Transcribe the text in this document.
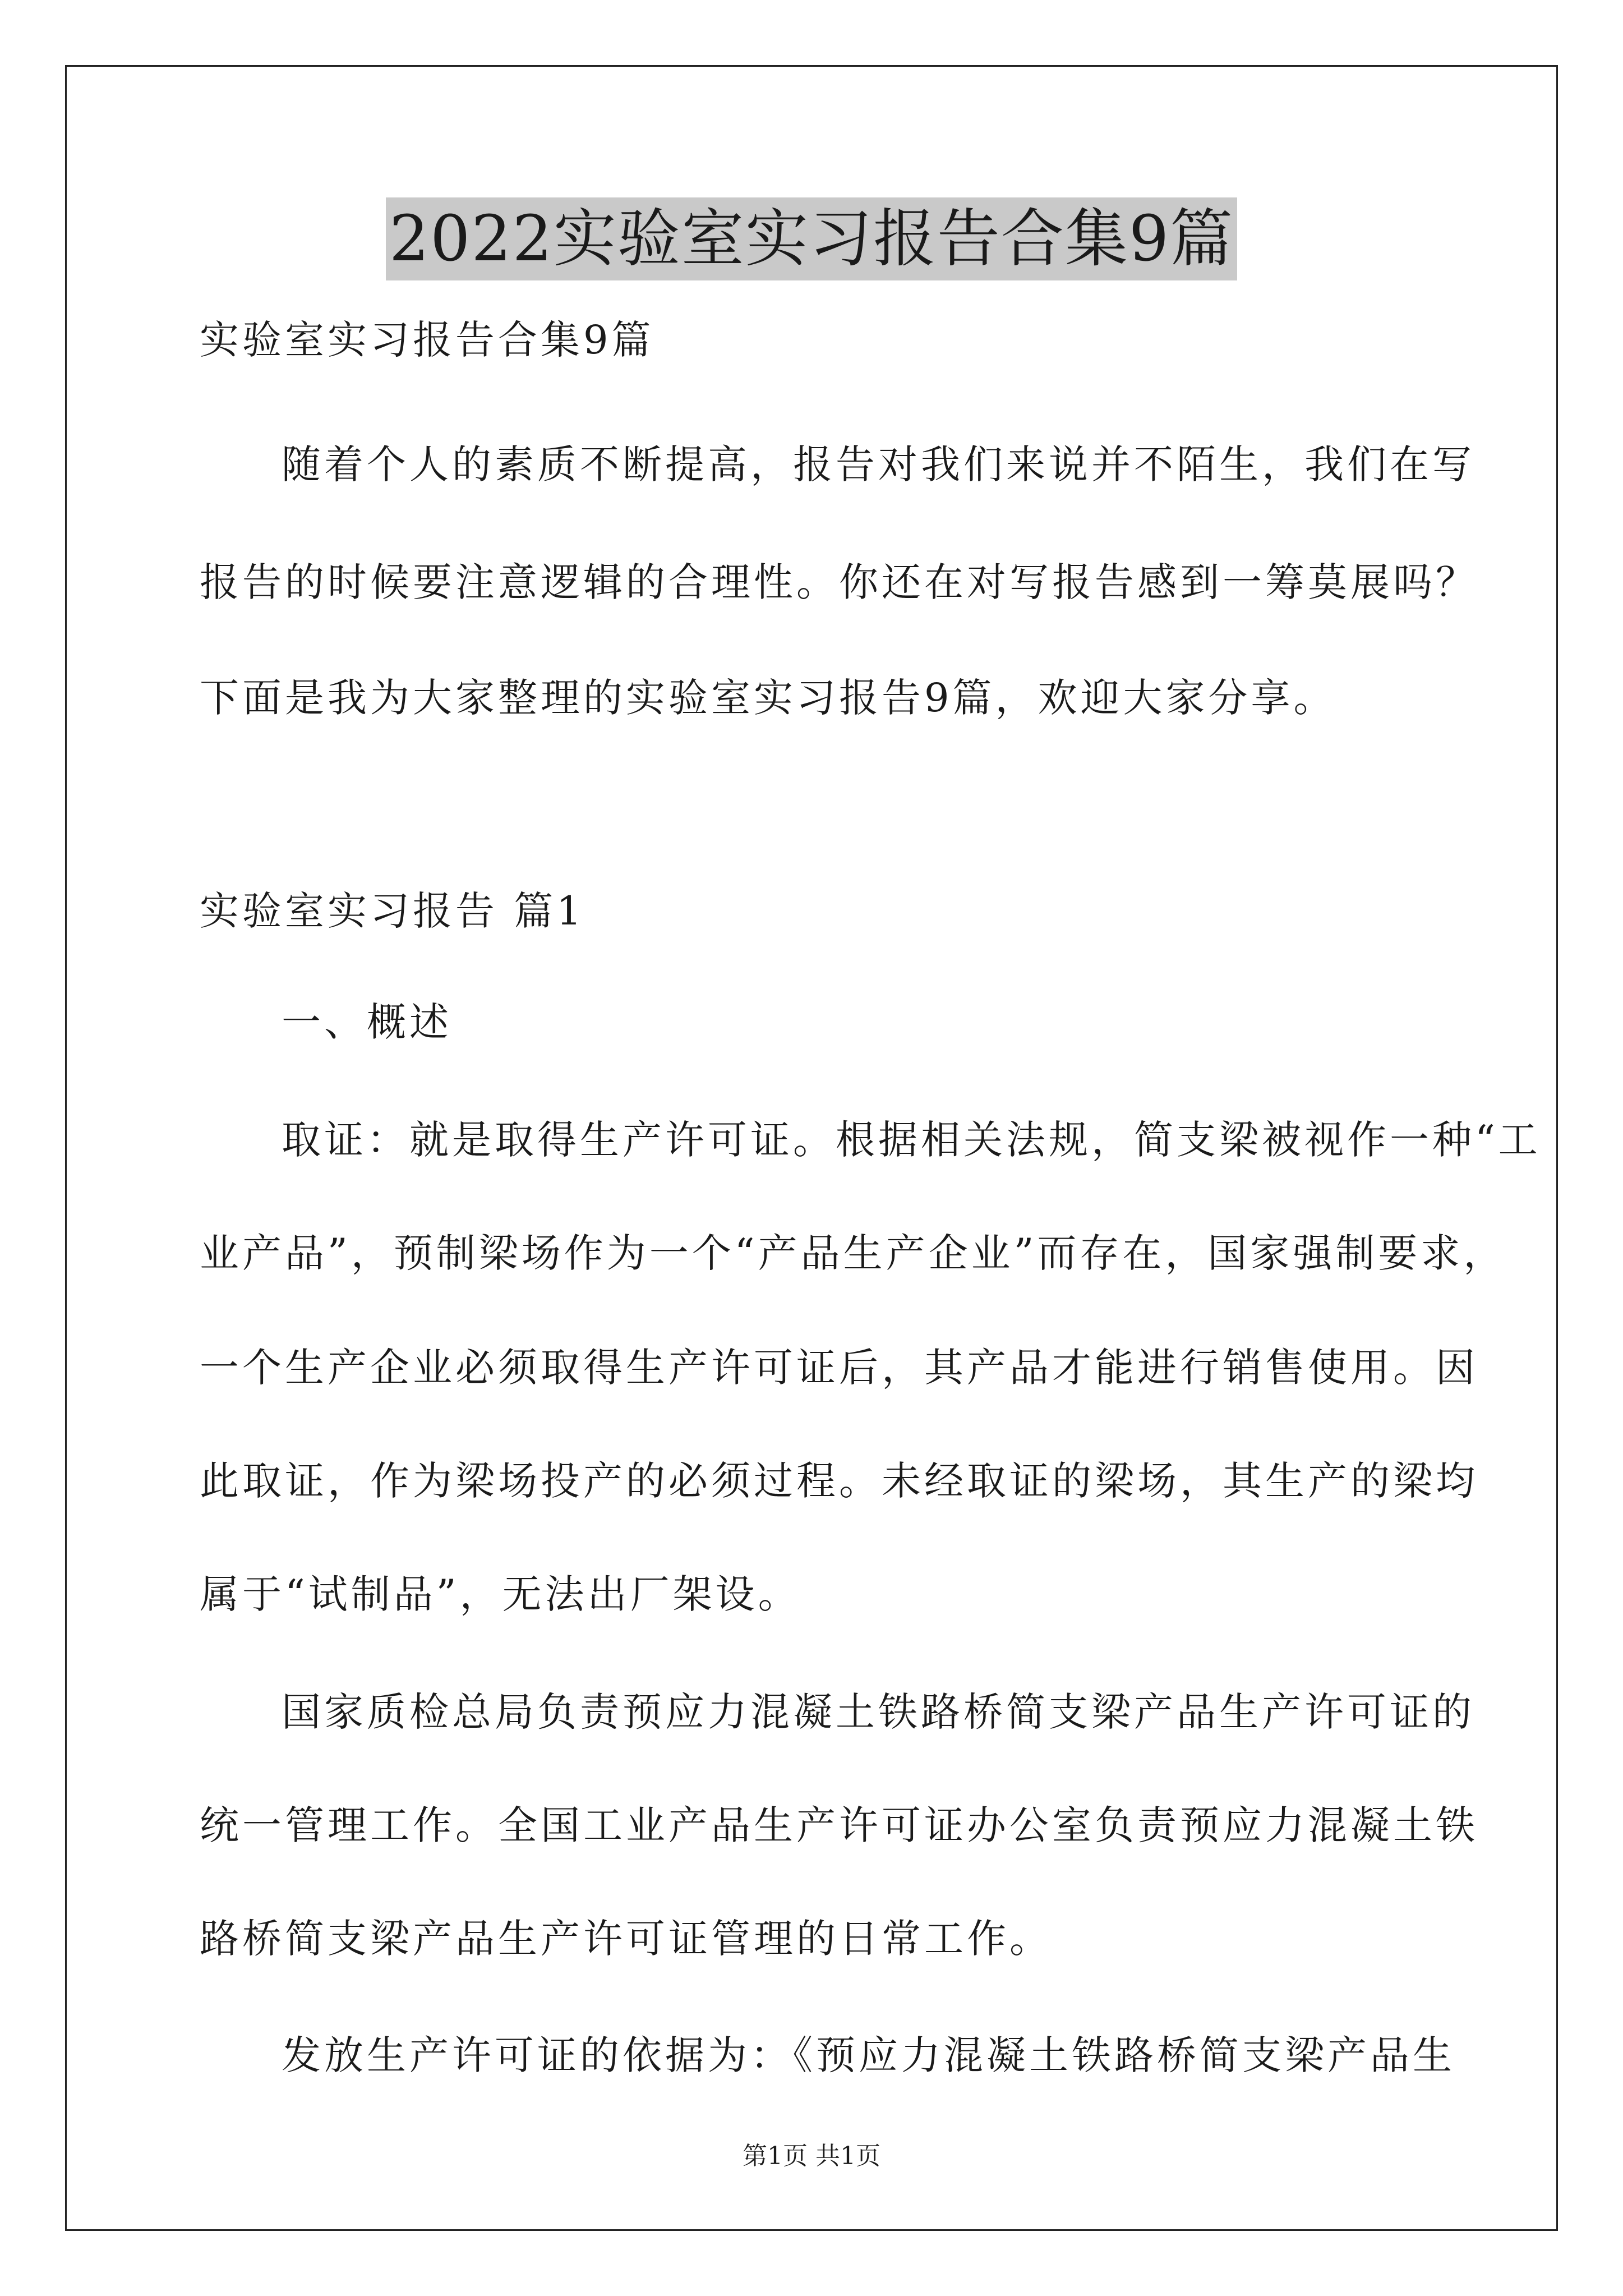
2022实验室实习报告合集9篇
实验室实习报告合集9篇
随着个人的素质不断提高，报告对我们来说并不陌生，我们在写
报告的时候要注意逻辑的合理性。你还在对写报告感到一筹莫展吗？
下面是我为大家整理的实验室实习报告9篇，欢迎大家分享。
实验室实习报告 篇1
一、概述
取证：就是取得生产许可证。根据相关法规，简支梁被视作一种“工
业产品”，预制梁场作为一个“产品生产企业”而存在，国家强制要求，
一个生产企业必须取得生产许可证后，其产品才能进行销售使用。因
此取证，作为梁场投产的必须过程。未经取证的梁场，其生产的梁均
属于“试制品”，无法出厂架设。
国家质检总局负责预应力混凝土铁路桥简支梁产品生产许可证的
统一管理工作。全国工业产品生产许可证办公室负责预应力混凝土铁
路桥简支梁产品生产许可证管理的日常工作。
发放生产许可证的依据为：《预应力混凝土铁路桥简支梁产品生
第1页 共1页
